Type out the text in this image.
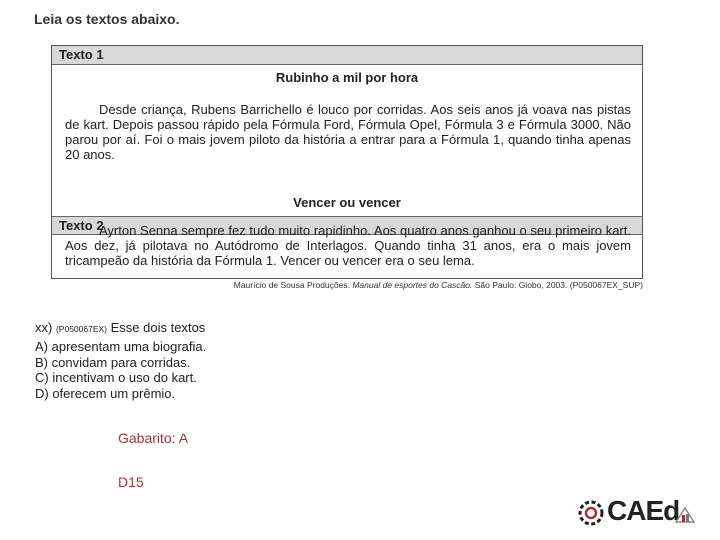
Leia os textos abaixo.
Texto 1
Rubinho a mil por hora

Desde criança, Rubens Barrichello é louco por corridas. Aos seis anos já voava nas pistas de kart. Depois passou rápido pela Fórmula Ford, Fórmula Opel, Fórmula 3 e Fórmula 3000. Não parou por aí. Foi o mais jovem piloto da história a entrar para a Fórmula 1, quando tinha apenas 20 anos.

Texto 2
Vencer ou vencer

Ayrton Senna sempre fez tudo muito rapidinho. Aos quatro anos ganhou o seu primeiro kart. Aos dez, já pilotava no Autódromo de Interlagos. Quando tinha 31 anos, era o mais jovem tricampeão da história da Fórmula 1. Vencer ou vencer era o seu lema.

Maurício de Sousa Produções. Manual de esportes do Cascão. São Paulo: Globo, 2003. (P050067EX_SUP)
xx) (P050067EX) Esse dois textos
A) apresentam uma biografia.
B) convidam para corridas.
C) incentivam o uso do kart.
D) oferecem um prêmio.
Gabarito: A
D15
CAEd
